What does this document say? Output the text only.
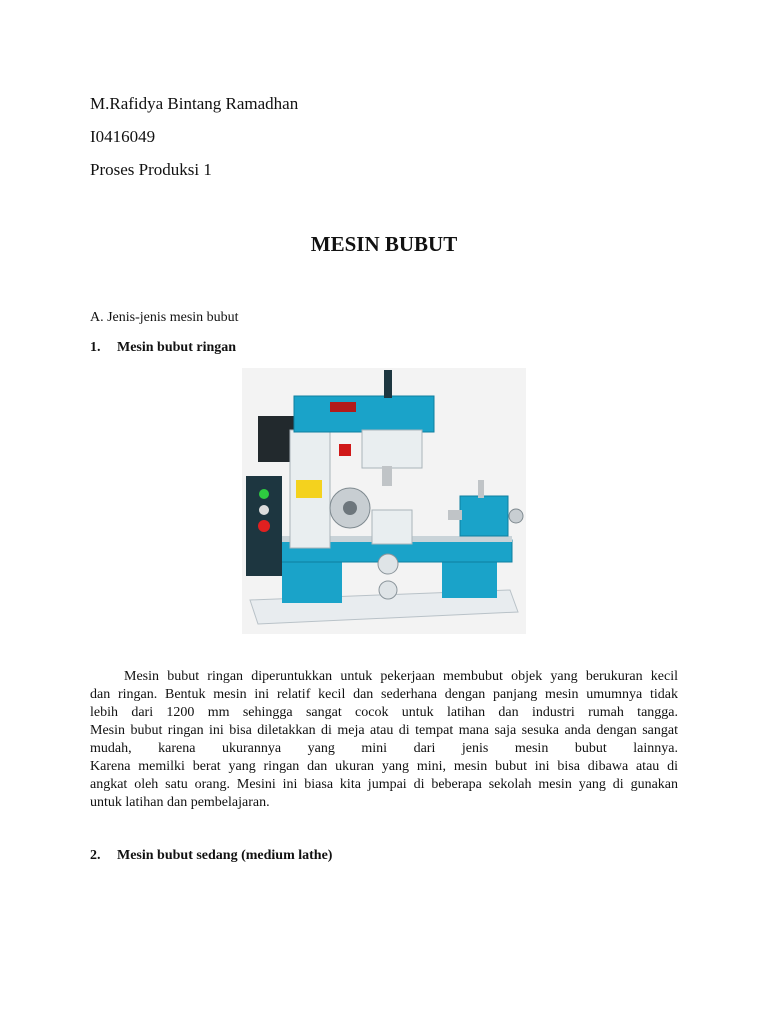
M.Rafidya Bintang Ramadhan
I0416049
Proses Produksi 1
MESIN BUBUT
A. Jenis-jenis mesin bubut
1. Mesin bubut ringan
Mesin bubut ringan diperuntukkan untuk pekerjaan membubut objek yang berukuran kecil
dan ringan. Bentuk mesin ini relatif kecil dan sederhana dengan panjang mesin umumnya tidak
lebih dari 1200 mm sehingga sangat cocok untuk latihan dan industri rumah tangga.
Mesin bubut ringan ini bisa diletakkan di meja atau di tempat mana saja sesuka anda dengan sangat
mudah, karena ukurannya yang mini dari jenis mesin bubut lainnya.
Karena memilki berat yang ringan dan ukuran yang mini, mesin bubut ini bisa dibawa atau di
angkat oleh satu orang. Mesini ini biasa kita jumpai di beberapa sekolah mesin yang di gunakan
untuk latihan dan pembelajaran.
2. Mesin bubut sedang (medium lathe)
